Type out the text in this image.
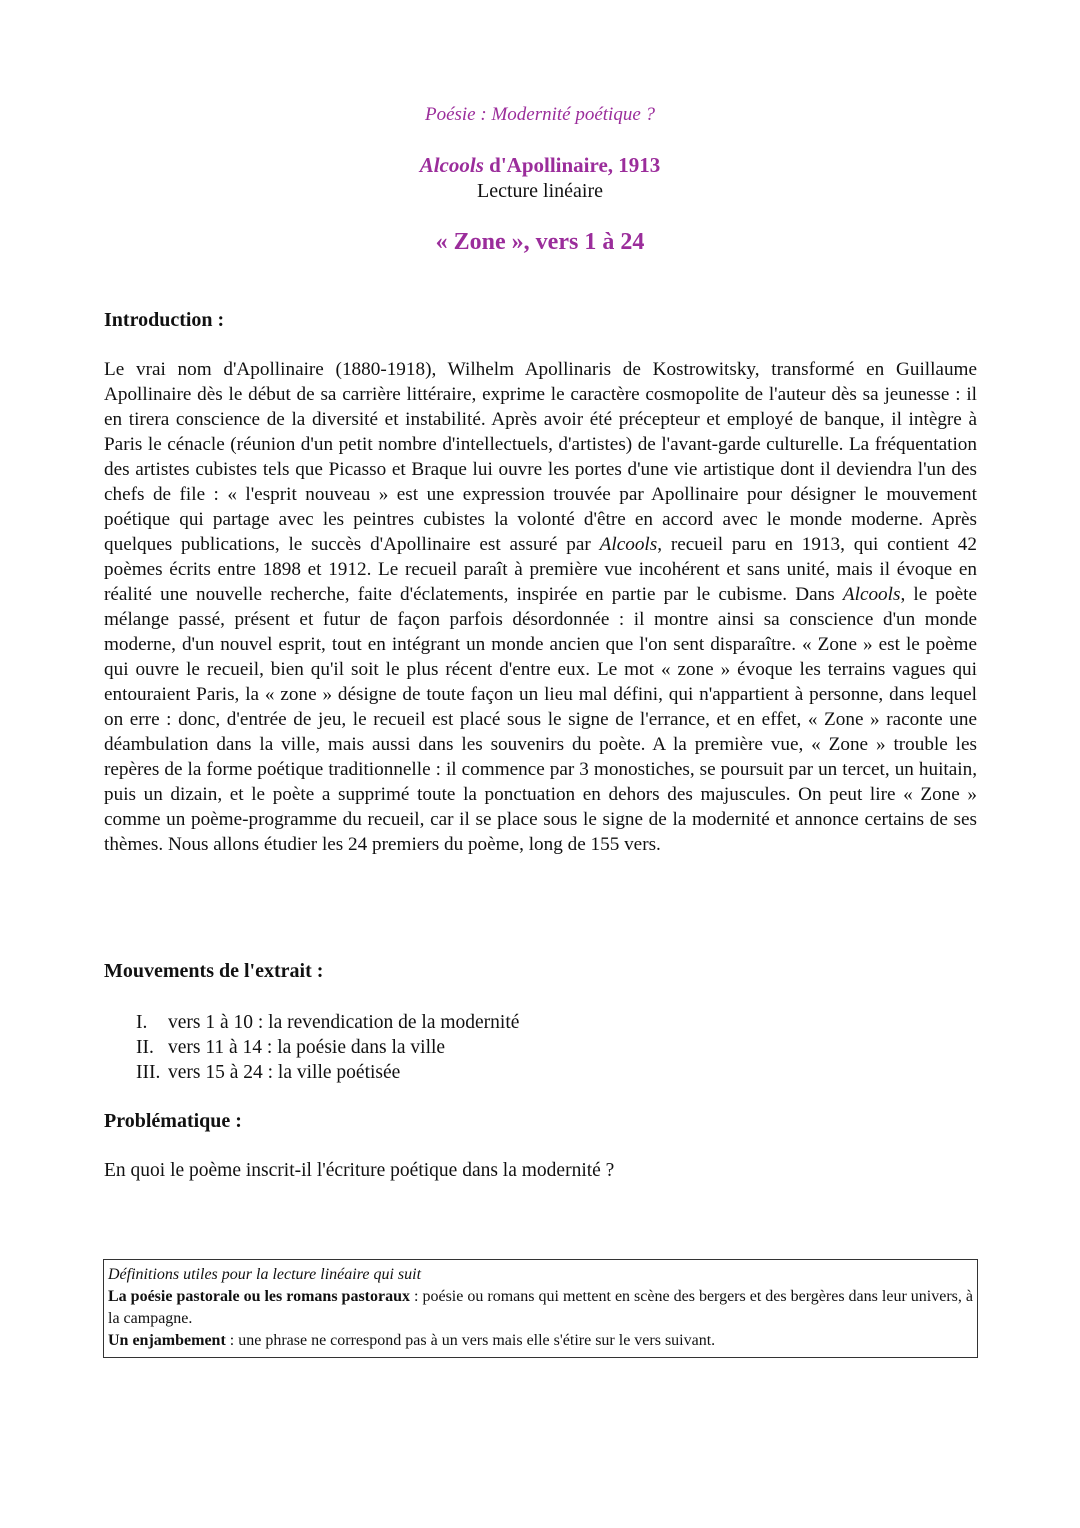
Poésie : Modernité poétique ?
Alcools d'Apollinaire, 1913
Lecture linéaire
« Zone », vers 1 à 24
Introduction :

Le vrai nom d'Apollinaire (1880-1918), Wilhelm Apollinaris de Kostrowitsky, transformé en Guillaume Apollinaire dès le début de sa carrière littéraire, exprime le caractère cosmopolite de l'auteur dès sa jeunesse : il en tirera conscience de la diversité et instabilité. Après avoir été précepteur et employé de banque, il intègre à Paris le cénacle (réunion d'un petit nombre d'intellectuels, d'artistes) de l'avant-garde culturelle. La fréquentation des artistes cubistes tels que Picasso et Braque lui ouvre les portes d'une vie artistique dont il deviendra l'un des chefs de file : « l'esprit nouveau » est une expression trouvée par Apollinaire pour désigner le mouvement poétique qui partage avec les peintres cubistes la volonté d'être en accord avec le monde moderne. Après quelques publications, le succès d'Apollinaire est assuré par Alcools, recueil paru en 1913, qui contient 42 poèmes écrits entre 1898 et 1912. Le recueil paraît à première vue incohérent et sans unité, mais il évoque en réalité une nouvelle recherche, faite d'éclatements, inspirée en partie par le cubisme. Dans Alcools, le poète mélange passé, présent et futur de façon parfois désordonnée : il montre ainsi sa conscience d'un monde moderne, d'un nouvel esprit, tout en intégrant un monde ancien que l'on sent disparaître. « Zone » est le poème qui ouvre le recueil, bien qu'il soit le plus récent d'entre eux. Le mot « zone » évoque les terrains vagues qui entouraient Paris, la « zone » désigne de toute façon un lieu mal défini, qui n'appartient à personne, dans lequel on erre : donc, d'entrée de jeu, le recueil est placé sous le signe de l'errance, et en effet, « Zone » raconte une déambulation dans la ville, mais aussi dans les souvenirs du poète. A la première vue, « Zone » trouble les repères de la forme poétique traditionnelle : il commence par 3 monostiches, se poursuit par un tercet, un huitain, puis un dizain, et le poète a supprimé toute la ponctuation en dehors des majuscules. On peut lire « Zone » comme un poème-programme du recueil, car il se place sous le signe de la modernité et annonce certains de ses thèmes. Nous allons étudier les 24 premiers du poème, long de 155 vers.

Mouvements de l'extrait :
I.	vers 1 à 10 : la revendication de la modernité
II. vers 11 à 14 : la poésie dans la ville
III. vers 15 à 24 : la ville poétisée
Problématique :
En quoi le poème inscrit-il l'écriture poétique dans la modernité ?

Définitions utiles pour la lecture linéaire qui suit

La poésie pastorale ou les romans pastoraux : poésie ou romans qui mettent en scène des bergers et des bergères dans leur univers, à la campagne.

Un enjambement : une phrase ne correspond pas à un vers mais elle s'étire sur le vers suivant.
